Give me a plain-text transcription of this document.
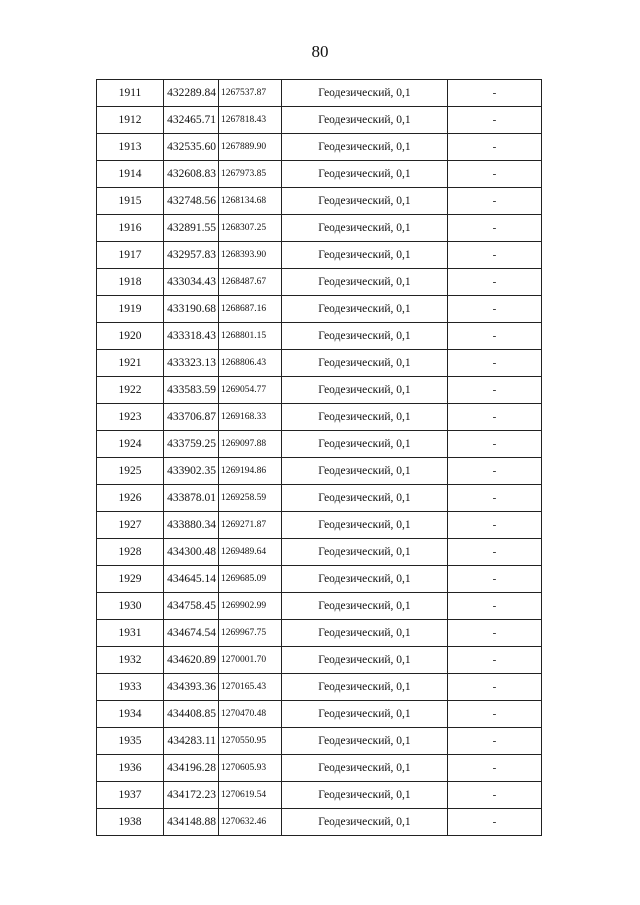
80
1911	432289.84	1267537.87	Геодезический, 0,1	-
1912	432465.71	1267818.43	Геодезический, 0,1	-
1913	432535.60	1267889.90	Геодезический, 0,1	-
1914	432608.83	1267973.85	Геодезический, 0,1	-
1915	432748.56	1268134.68	Геодезический, 0,1	-
1916	432891.55	1268307.25	Геодезический, 0,1	-
1917	432957.83	1268393.90	Геодезический, 0,1	-
1918	433034.43	1268487.67	Геодезический, 0,1	-
1919	433190.68	1268687.16	Геодезический, 0,1	-
1920	433318.43	1268801.15	Геодезический, 0,1	-
1921	433323.13	1268806.43	Геодезический, 0,1	-
1922	433583.59	1269054.77	Геодезический, 0,1	-
1923	433706.87	1269168.33	Геодезический, 0,1	-
1924	433759.25	1269097.88	Геодезический, 0,1	-
1925	433902.35	1269194.86	Геодезический, 0,1	-
1926	433878.01	1269258.59	Геодезический, 0,1	-
1927	433880.34	1269271.87	Геодезический, 0,1	-
1928	434300.48	1269489.64	Геодезический, 0,1	-
1929	434645.14	1269685.09	Геодезический, 0,1	-
1930	434758.45	1269902.99	Геодезический, 0,1	-
1931	434674.54	1269967.75	Геодезический, 0,1	-
1932	434620.89	1270001.70	Геодезический, 0,1	-
1933	434393.36	1270165.43	Геодезический, 0,1	-
1934	434408.85	1270470.48	Геодезический, 0,1	-
1935	434283.11	1270550.95	Геодезический, 0,1	-
1936	434196.28	1270605.93	Геодезический, 0,1	-
1937	434172.23	1270619.54	Геодезический, 0,1	-
1938	434148.88	1270632.46	Геодезический, 0,1	-
